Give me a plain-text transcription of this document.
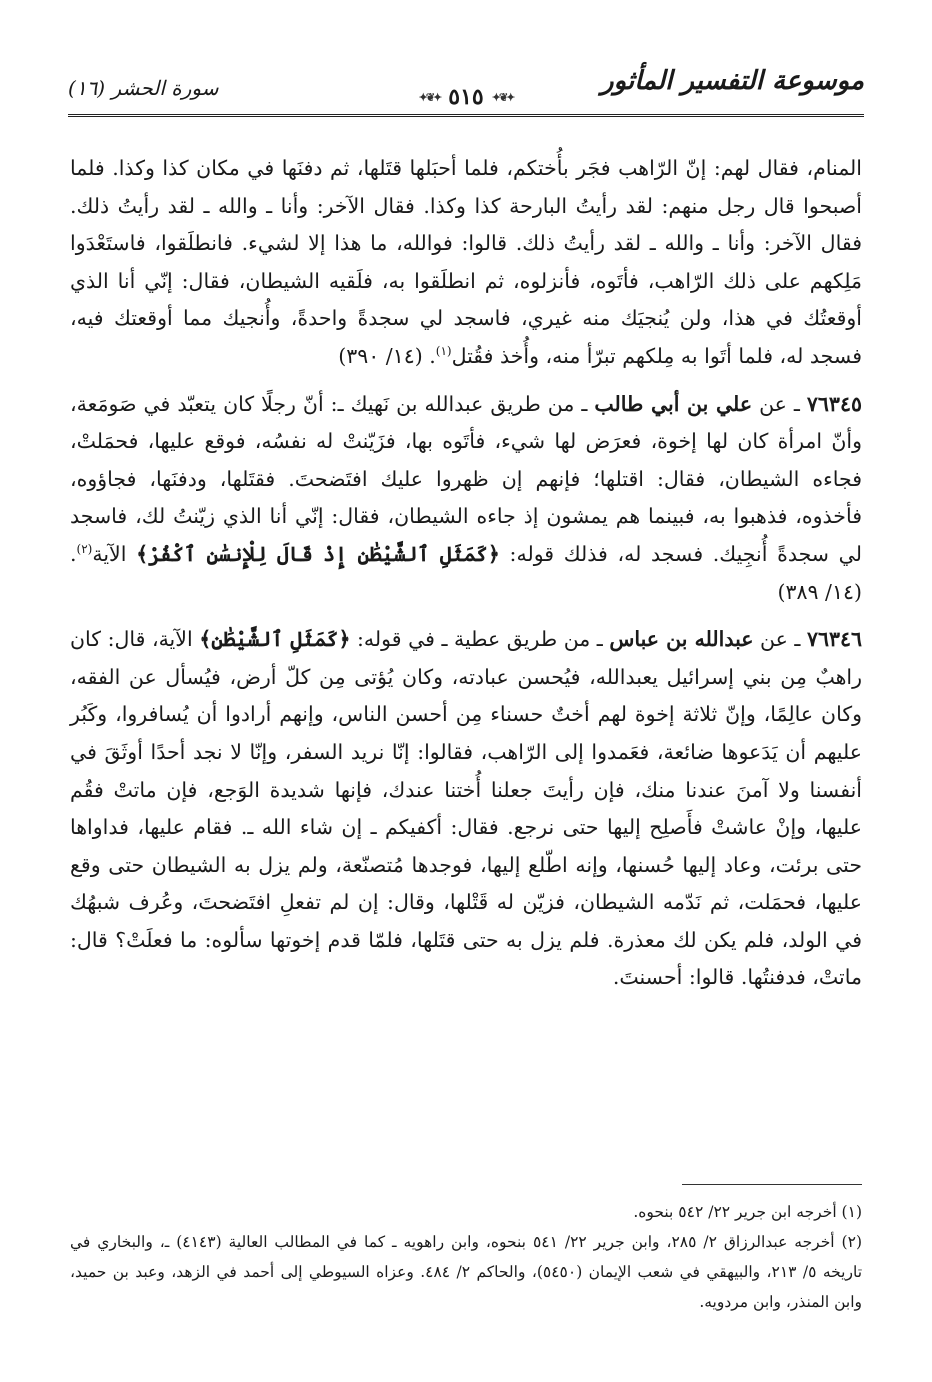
موسوعة التفسير المأثور
✦❦✦
٥١٥
✦❦✦
سورة الحشر (١٦)

المنام، فقال لهم: إنّ الرّاهب فجَر بأُختكم، فلما أحبَلها قتَلها، ثم دفنَها في مكان كذا وكذا. فلما أصبحوا قال رجل منهم: لقد رأيتُ البارحة كذا وكذا. فقال الآخر: وأنا ـ والله ـ لقد رأيتُ ذلك. فقال الآخر: وأنا ـ والله ـ لقد رأيتُ ذلك. قالوا: فوالله، ما هذا إلا لشيء. فانطلَقوا، فاستَعْدَوا مَلِكهم على ذلك الرّاهب، فأتَوه، فأنزلوه، ثم انطلَقوا به، فلَقيه الشيطان، فقال: إنّي أنا الذي أوقعتُك في هذا، ولن يُنجيَك منه غيري، فاسجد لي سجدةً واحدةً، وأُنجيك مما أوقعتك فيه، فسجد له، فلما أتَوا به مِلكهم تبرّأ منه، وأُخذ فقُتل$^{(١)}$. (١٤/ ٣٩٠)

٧٦٣٤٥ ـ عن علي بن أبي طالب ـ من طريق عبدالله بن نَهيك ـ: أنّ رجلًا كان يتعبّد في صَومَعة، وأنّ امرأة كان لها إخوة، فعرَض لها شيء، فأتَوه بها، فزَيّنتْ له نفسُه، فوقع عليها، فحمَلتْ، فجاءه الشيطان، فقال: اقتلها؛ فإنهم إن ظهروا عليك افتَضحتَ. فقتَلها، ودفنَها، فجاؤوه، فأخذوه، فذهبوا به، فبينما هم يمشون إذ جاءه الشيطان، فقال: إنّي أنا الذي زيّنتُ لك، فاسجد لي سجدةً أُنجِيك. فسجد له، فذلك قوله: ﴿كَمَثَلِ ٱلشَّيْطَٰنِ إِذْ قَالَ لِلْإِنسَٰنِ ٱكْفُرْ﴾ الآية$^{(٢)}$. (١٤/ ٣٨٩)

٧٦٣٤٦ ـ عن عبدالله بن عباس ـ من طريق عطية ـ في قوله: ﴿كَمَثَلِ ٱلشَّيْطَٰنِ﴾ الآية، قال: كان راهبٌ مِن بني إسرائيل يعبدالله، فيُحسن عبادته، وكان يُؤتى مِن كلّ أرض، فيُسأل عن الفقه، وكان عالِمًا، وإنّ ثلاثة إخوة لهم أختٌ حسناء مِن أحسن الناس، وإنهم أرادوا أن يُسافروا، وكَبُر عليهم أن يَدَعوها ضائعة، فعَمدوا إلى الرّاهب، فقالوا: إنّا نريد السفر، وإنّا لا نجد أحدًا أوثَقَ في أنفسنا ولا آمنَ عندنا منك، فإن رأيتَ جعلنا أُختنا عندك، فإنها شديدة الوَجع، فإن ماتتْ فقُم عليها، وإنْ عاشتْ فأَصلِح إليها حتى نرجع. فقال: أكفيكم ـ إن شاء الله ـ. فقام عليها، فداواها حتى برئت، وعاد إليها حُسنها، وإنه اطّلع إليها، فوجدها مُتصنّعة، ولم يزل به الشيطان حتى وقع عليها، فحمَلت، ثم نَدّمه الشيطان، فزيّن له قَتْلها، وقال: إن لم تفعلِ افتَضحتَ، وعُرف شبهُك في الولد، فلم يكن لك معذرة. فلم يزل به حتى قتَلها، فلمّا قدم إخوتها سألوه: ما فعلَتْ؟ قال: ماتتْ، فدفنتُها. قالوا: أحسنتَ.

(١) أخرجه ابن جرير ٢٢/ ٥٤٢ بنحوه.

(٢) أخرجه عبدالرزاق ٢/ ٢٨٥، وابن جرير ٢٢/ ٥٤١ بنحوه، وابن راهويه ـ كما في المطالب العالية (٤١٤٣) ـ، والبخاري في تاريخه ٥/ ٢١٣، والبيهقي في شعب الإيمان (٥٤٥٠)، والحاكم ٢/ ٤٨٤. وعزاه السيوطي إلى أحمد في الزهد، وعبد بن حميد، وابن المنذر، وابن مردويه.
